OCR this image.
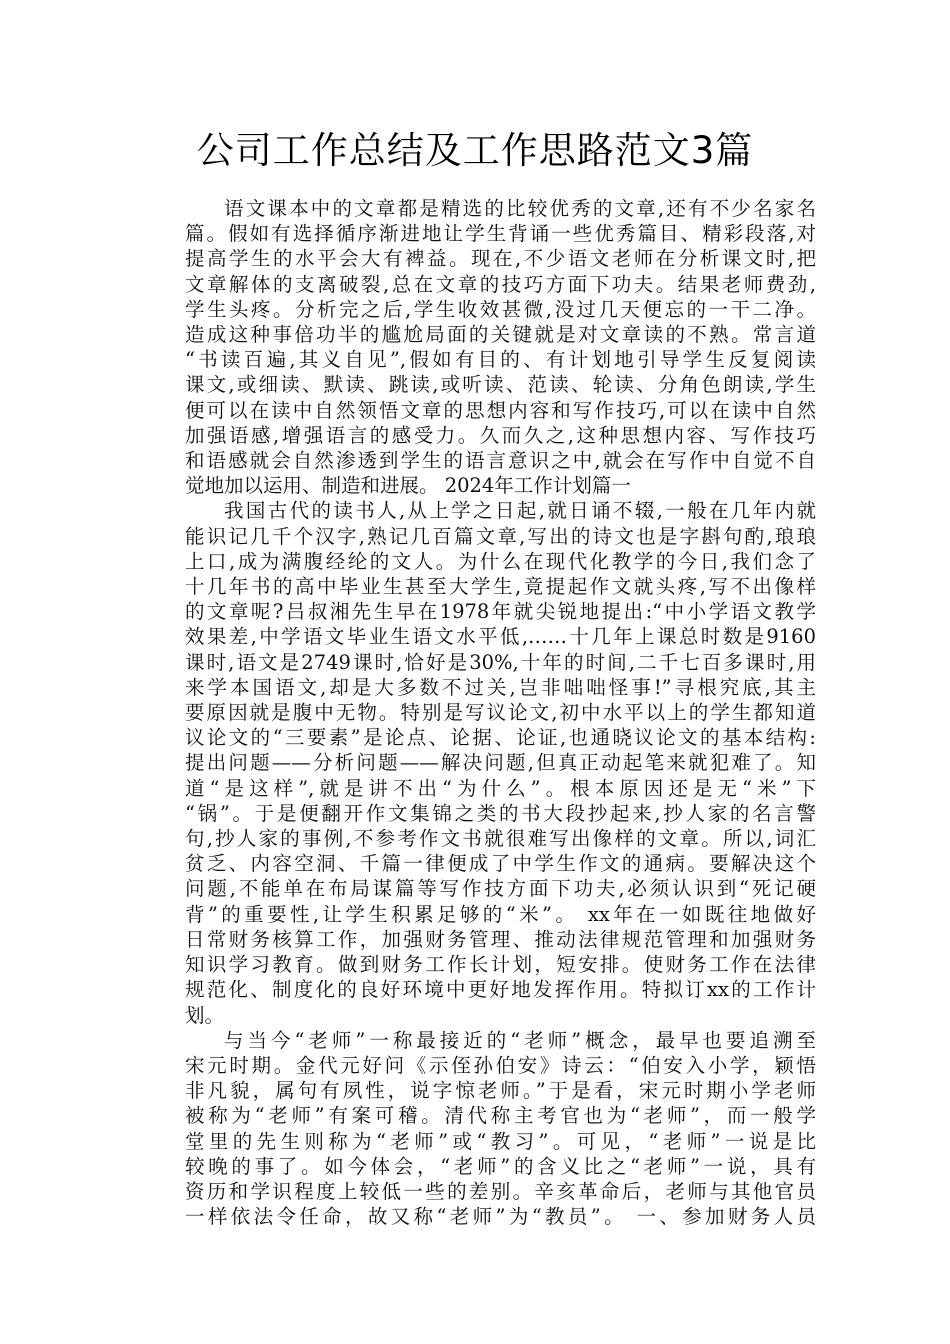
公司工作总结及工作思路范文3篇
语文课本中的文章都是精选的比较优秀的文章,还有不少名家名
篇。假如有选择循序渐进地让学生背诵一些优秀篇目、精彩段落,对
提高学生的水平会大有裨益。现在,不少语文老师在分析课文时,把
文章解体的支离破裂,总在文章的技巧方面下功夫。结果老师费劲,
学生头疼。分析完之后,学生收效甚微,没过几天便忘的一干二净。
造成这种事倍功半的尴尬局面的关键就是对文章读的不熟。常言道
“书读百遍,其义自见”,假如有目的、有计划地引导学生反复阅读
课文,或细读、默读、跳读,或听读、范读、轮读、分角色朗读,学生
便可以在读中自然领悟文章的思想内容和写作技巧,可以在读中自然
加强语感,增强语言的感受力。久而久之,这种思想内容、写作技巧
和语感就会自然渗透到学生的语言意识之中,就会在写作中自觉不自
觉地加以运用、制造和进展。 2024年工作计划篇一
我国古代的读书人,从上学之日起,就日诵不辍,一般在几年内就
能识记几千个汉字,熟记几百篇文章,写出的诗文也是字斟句酌,琅琅
上口,成为满腹经纶的文人。为什么在现代化教学的今日,我们念了
十几年书的高中毕业生甚至大学生,竟提起作文就头疼,写不出像样
的文章呢?吕叔湘先生早在1978年就尖锐地提出:“中小学语文教学
效果差,中学语文毕业生语文水平低,……十几年上课总时数是9160
课时,语文是2749课时,恰好是30%,十年的时间,二千七百多课时,用
来学本国语文,却是大多数不过关,岂非咄咄怪事!”寻根究底,其主
要原因就是腹中无物。特别是写议论文,初中水平以上的学生都知道
议论文的“三要素”是论点、论据、论证,也通晓议论文的基本结构:
提出问题——分析问题——解决问题,但真正动起笔来就犯难了。知
道“是这样”,就是讲不出“为什么”。根本原因还是无“米”下
“锅”。于是便翻开作文集锦之类的书大段抄起来,抄人家的名言警
句,抄人家的事例,不参考作文书就很难写出像样的文章。所以,词汇
贫乏、内容空洞、千篇一律便成了中学生作文的通病。要解决这个
问题,不能单在布局谋篇等写作技方面下功夫,必须认识到“死记硬
背”的重要性,让学生积累足够的“米”。 xx年在一如既往地做好
日常财务核算工作，加强财务管理、推动法律规范管理和加强财务
知识学习教育。做到财务工作长计划，短安排。使财务工作在法律
规范化、制度化的良好环境中更好地发挥作用。特拟订xx的工作计
划。
与当今“老师”一称最接近的“老师”概念，最早也要追溯至
宋元时期。金代元好问《示侄孙伯安》诗云：“伯安入小学，颖悟
非凡貌，属句有夙性，说字惊老师。”于是看，宋元时期小学老师
被称为“老师”有案可稽。清代称主考官也为“老师”，而一般学
堂里的先生则称为“老师”或“教习”。可见，“老师”一说是比
较晚的事了。如今体会，“老师”的含义比之“老师”一说，具有
资历和学识程度上较低一些的差别。辛亥革命后，老师与其他官员
一样依法令任命，故又称“老师”为“教员”。 一、参加财务人员
